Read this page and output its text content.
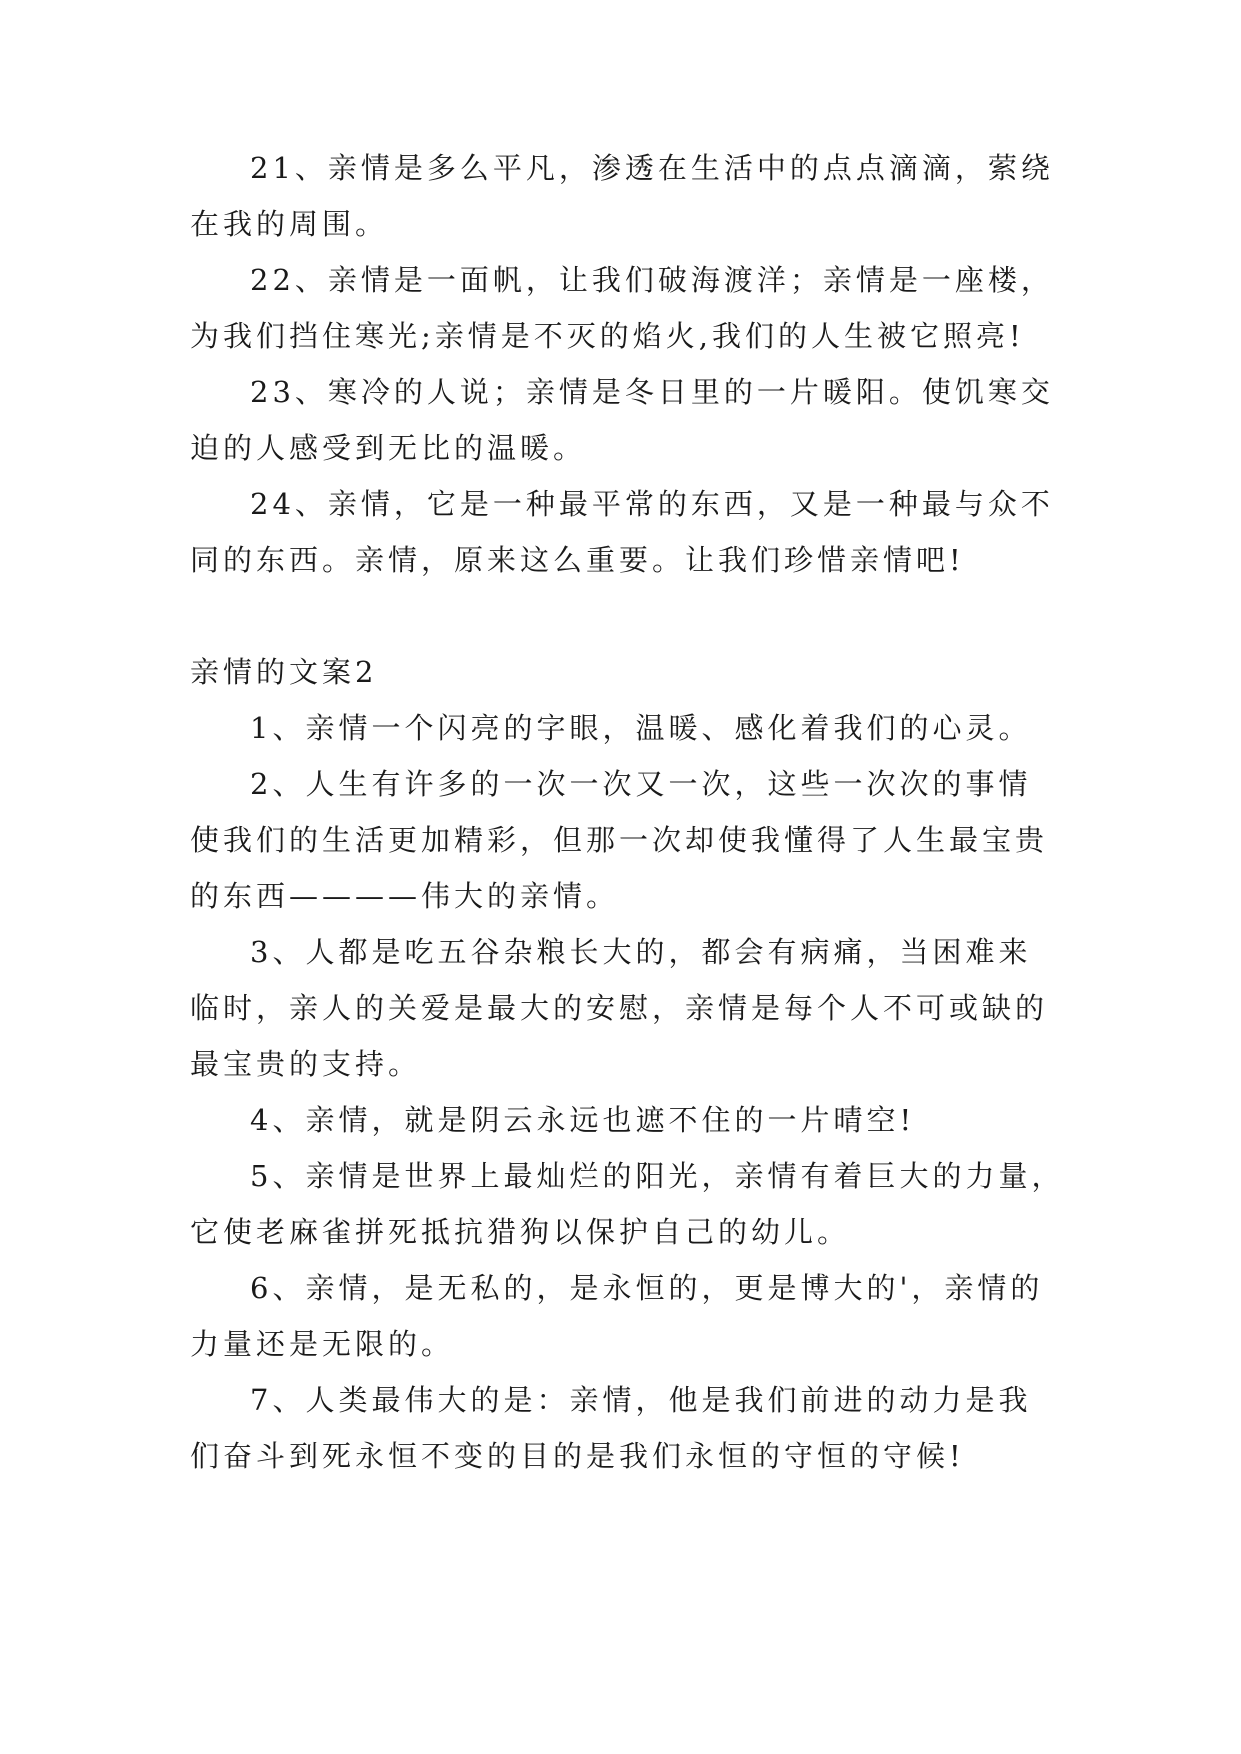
21、亲情是多么平凡，渗透在生活中的点点滴滴，萦绕
在我的周围。
22、亲情是一面帆，让我们破海渡洋；亲情是一座楼，
为我们挡住寒光;亲情是不灭的焰火,我们的人生被它照亮!
23、寒冷的人说；亲情是冬日里的一片暖阳。使饥寒交
迫的人感受到无比的温暖。
24、亲情，它是一种最平常的东西，又是一种最与众不
同的东西。亲情，原来这么重要。让我们珍惜亲情吧!
亲情的文案2
1、亲情一个闪亮的字眼，温暖、感化着我们的心灵。
2、人生有许多的一次一次又一次，这些一次次的事情
使我们的生活更加精彩，但那一次却使我懂得了人生最宝贵
的东西————伟大的亲情。
3、人都是吃五谷杂粮长大的，都会有病痛，当困难来
临时，亲人的关爱是最大的安慰，亲情是每个人不可或缺的
最宝贵的支持。
4、亲情，就是阴云永远也遮不住的一片晴空!
5、亲情是世界上最灿烂的阳光，亲情有着巨大的力量，
它使老麻雀拼死抵抗猎狗以保护自己的幼儿。
6、亲情，是无私的，是永恒的，更是博大的'，亲情的
力量还是无限的。
7、人类最伟大的是：亲情，他是我们前进的动力是我
们奋斗到死永恒不变的目的是我们永恒的守恒的守候!
